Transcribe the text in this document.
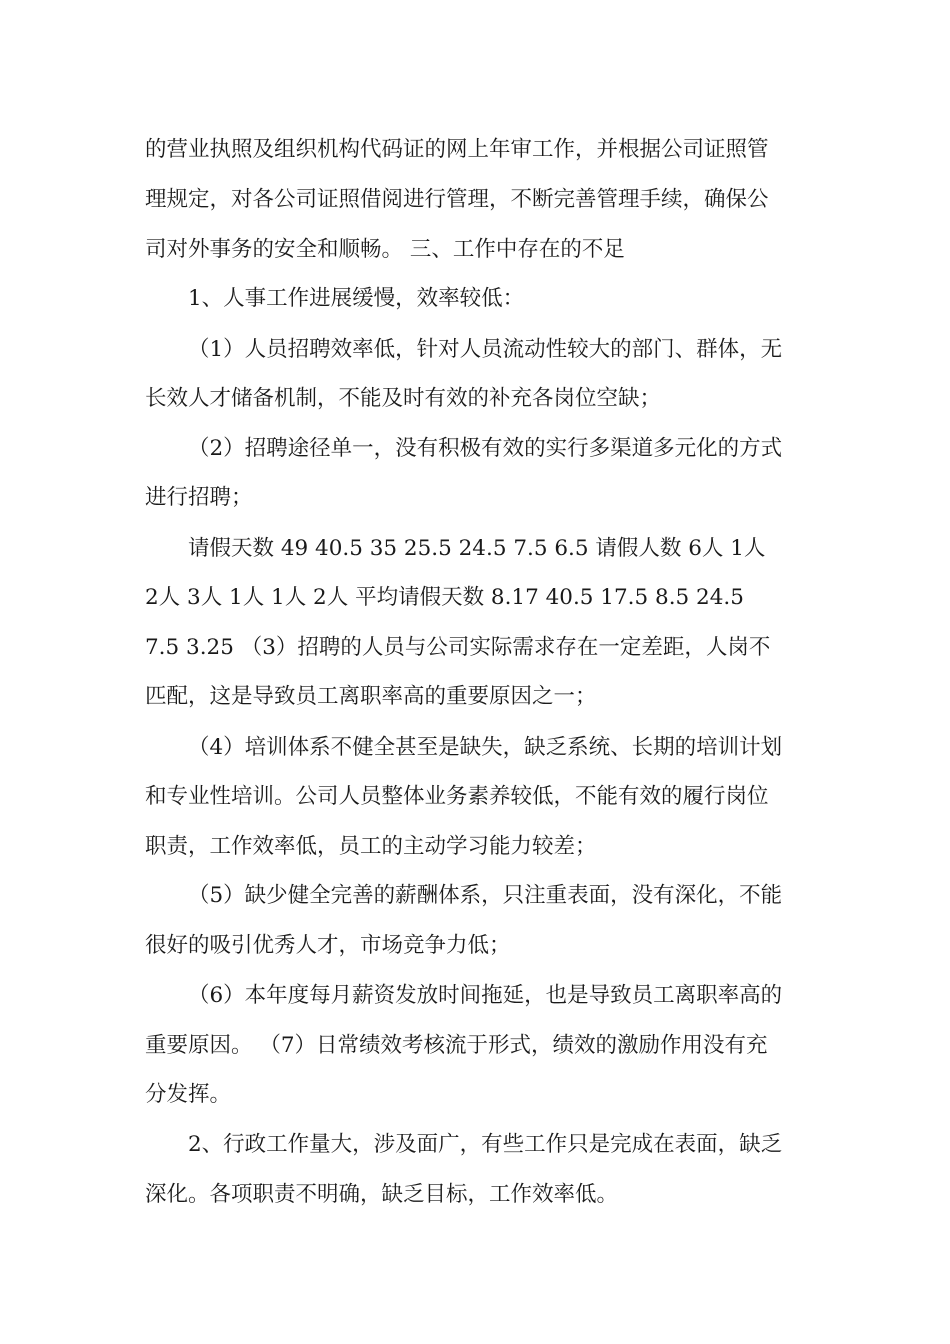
的营业执照及组织机构代码证的网上年审工作，并根据公司证照管
理规定，对各公司证照借阅进行管理，不断完善管理手续，确保公
司对外事务的安全和顺畅。 三、工作中存在的不足
1、人事工作进展缓慢，效率较低：
（1）人员招聘效率低，针对人员流动性较大的部门、群体，无
长效人才储备机制，不能及时有效的补充各岗位空缺；
（2）招聘途径单一，没有积极有效的实行多渠道多元化的方式
进行招聘；
请假天数 49 40.5 35 25.5 24.5 7.5 6.5 请假人数 6人 1人
2人 3人 1人 1人 2人 平均请假天数 8.17 40.5 17.5 8.5 24.5
7.5 3.25 （3）招聘的人员与公司实际需求存在一定差距，人岗不
匹配，这是导致员工离职率高的重要原因之一；
（4）培训体系不健全甚至是缺失，缺乏系统、长期的培训计划
和专业性培训。公司人员整体业务素养较低，不能有效的履行岗位
职责，工作效率低，员工的主动学习能力较差；
（5）缺少健全完善的薪酬体系，只注重表面，没有深化，不能
很好的吸引优秀人才，市场竞争力低；
（6）本年度每月薪资发放时间拖延，也是导致员工离职率高的
重要原因。 （7）日常绩效考核流于形式，绩效的激励作用没有充
分发挥。
2、行政工作量大，涉及面广，有些工作只是完成在表面，缺乏
深化。各项职责不明确，缺乏目标，工作效率低。
